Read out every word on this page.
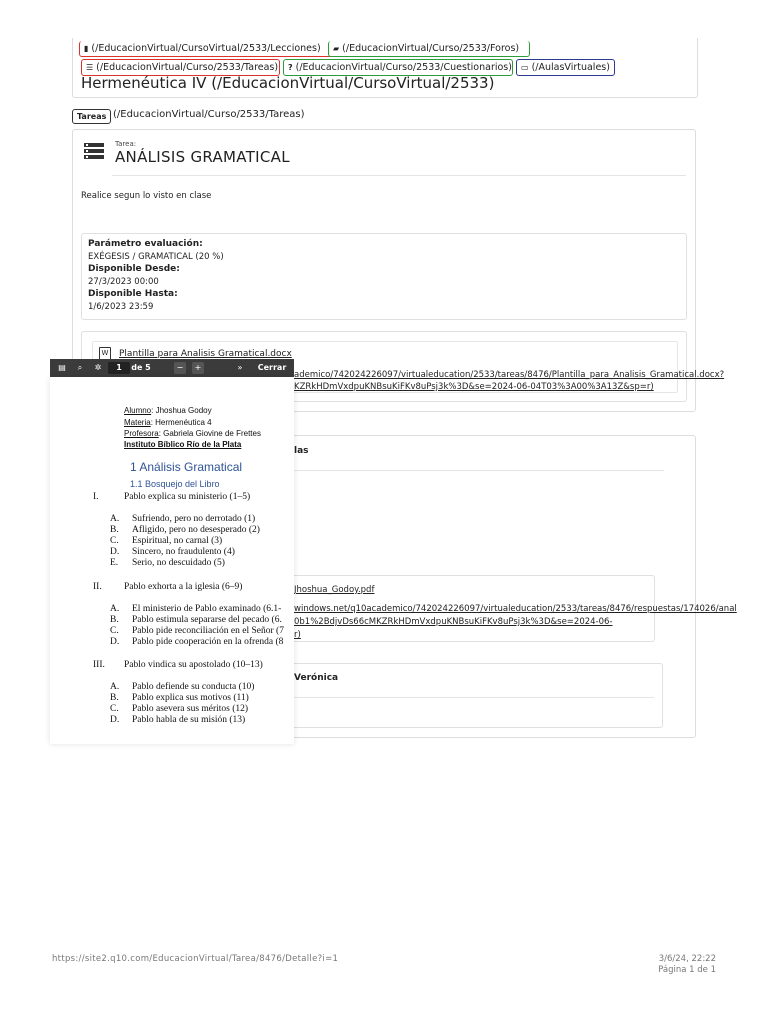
▮ (/EducacionVirtual/CursoVirtual/2533/Lecciones)	▰ (/EducacionVirtual/Curso/2533/Foros)
☰ (/EducacionVirtual/Curso/2533/Tareas)	? (/EducacionVirtual/Curso/2533/Cuestionarios)	▭ (/AulasVirtuales)
Hermenéutica IV (/EducacionVirtual/CursoVirtual/2533)
Tareas (/EducacionVirtual/Curso/2533/Tareas)
Tarea:
ANÁLISIS GRAMATICAL
Realice segun lo visto en clase
Parámetro evaluación:
EXÉGESIS / GRAMATICAL (20 %)
Disponible Desde:
27/3/2023 00:00
Disponible Hasta:
1/6/2023 23:59
W Plantilla para Analisis Gramatical.docx
ademico/742024226097/virtualeducation/2533/tareas/8476/Plantilla_para_Analisis_Gramatical.docx?
KZRkHDmVxdpuKNBsuKiFKv8uPsj3k%3D&se=2024-06-04T03%3A00%3A13Z&sp=r)
las
Jhoshua_Godoy.pdf
windows.net/q10academico/742024226097/virtualeducation/2533/tareas/8476/respuestas/174026/anal
0b1%2BdjvDs66cMKZRkHDmVxdpuKNBsuKiFKv8uPsj3k%3D&se=2024-06-
r)
Verónica
▤	⌕	✲	1	de 5	−	+	»	Cerrar
Alumno: Jhoshua Godoy
Materia: Hermenéutica 4
Profesora: Gabriela Giovine de Frettes
Instituto Bíblico Río de la Plata
1 Análisis Gramatical
1.1 Bosquejo del Libro
I.	Pablo explica su ministerio (1–5)
A. Sufriendo, pero no derrotado (1)
B. Afligido, pero no desesperado (2)
C. Espiritual, no carnal (3)
D. Sincero, no fraudulento (4)
E. Serio, no descuidado (5)
II. Pablo exhorta a la iglesia (6–9)
A. El ministerio de Pablo examinado (6.1-
B. Pablo estimula separarse del pecado (6.
C. Pablo pide reconciliación en el Señor (7
D. Pablo pide cooperación en la ofrenda (8
III. Pablo vindica su apostolado (10–13)
A. Pablo defiende su conducta (10)
B. Pablo explica sus motivos (11)
C. Pablo asevera sus méritos (12)
D. Pablo habla de su misión (13)
https://site2.q10.com/EducacionVirtual/Tarea/8476/Detalle?i=1	3/6/24, 22:22
Página 1 de 1
